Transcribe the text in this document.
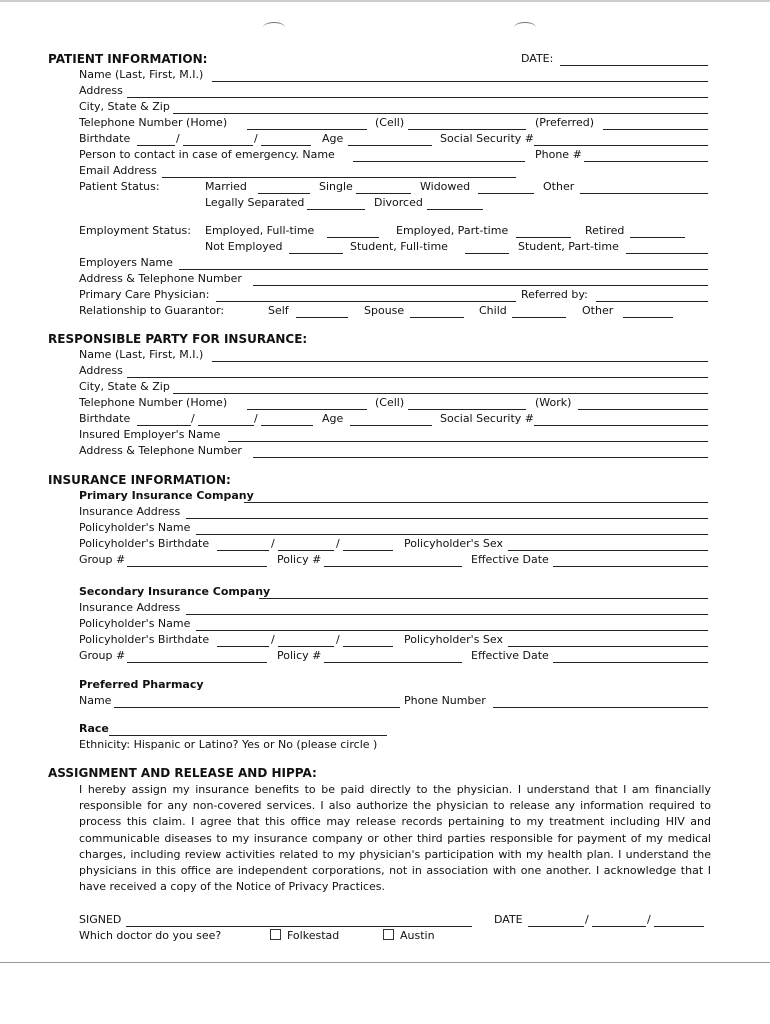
PATIENT INFORMATION:	DATE:
Name (Last, First, M.I.)
Address
City, State & Zip
Telephone Number (Home)	(Cell)	(Preferred)
Birthdate	/	/	Age	Social Security #
Person to contact in case of emergency. Name	Phone #
Email Address
Patient Status:	Married	Single	Widowed	Other
Legally Separated	Divorced
Employment Status: Employed, Full-time	Employed, Part-time	Retired
Not Employed	Student, Full-time	Student, Part-time
Employers Name
Address & Telephone Number
Primary Care Physician:	Referred by:
Relationship to Guarantor:	Self	Spouse	Child	Other
RESPONSIBLE PARTY FOR INSURANCE:
Name (Last, First, M.I.)
Address
City, State & Zip
Telephone Number (Home)	(Cell)	(Work)
Birthdate	/	/	Age	Social Security #
Insured Employer's Name
Address & Telephone Number
INSURANCE INFORMATION:
Primary Insurance Company
Insurance Address
Policyholder's Name
Policyholder's Birthdate	/	/	Policyholder's Sex
Group #	Policy #	Effective Date
Secondary Insurance Company
Insurance Address
Policyholder's Name
Policyholder's Birthdate	/	/	Policyholder's Sex
Group #	Policy #	Effective Date
Preferred Pharmacy
Name	Phone Number
Race
Ethnicity: Hispanic or Latino? Yes or No (please circle )
ASSIGNMENT AND RELEASE AND HIPPA:
I hereby assign my insurance benefits to be paid directly to the physician. I understand that I am financially responsible for any non-covered services. I also authorize the physician to release any information required to process this claim. I agree that this office may release records pertaining to my treatment including HIV and communicable diseases to my insurance company or other third parties responsible for payment of my medical charges, including review activities related to my physician's participation with my health plan. I understand the physicians in this office are independent corporations, not in association with one another. I acknowledge that I have received a copy of the Notice of Privacy Practices.
SIGNED	DATE	/	/
Which doctor do you see?	Folkestad	Austin
